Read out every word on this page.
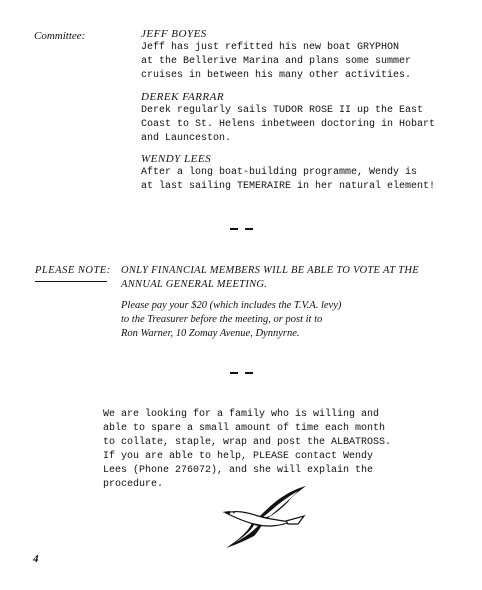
Committee:	JEFF BOYES
Jeff has just refitted his new boat GRYPHON
at the Bellerive Marina and plans some summer
cruises in between his many other activities.
DEREK FARRAR
Derek regularly sails TUDOR ROSE II up the East
Coast to St. Helens inbetween doctoring in Hobart
and Launceston.
WENDY LEES
After a long boat-building programme, Wendy is
at last sailing TEMERAIRE in her natural element!
PLEASE NOTE: ONLY FINANCIAL MEMBERS WILL BE ABLE TO VOTE AT THE
ANNUAL GENERAL MEETING.
Please pay your $20 (which includes the T.V.A. levy)
to the Treasurer before the meeting, or post it to
Ron Warner, 10 Zomay Avenue, Dynnyrne.
We are looking for a family who is willing and
able to spare a small amount of time each month
to collate, staple, wrap and post the ALBATROSS.
If you are able to help, PLEASE contact Wendy
Lees (Phone 276072), and she will explain the
procedure.
4
